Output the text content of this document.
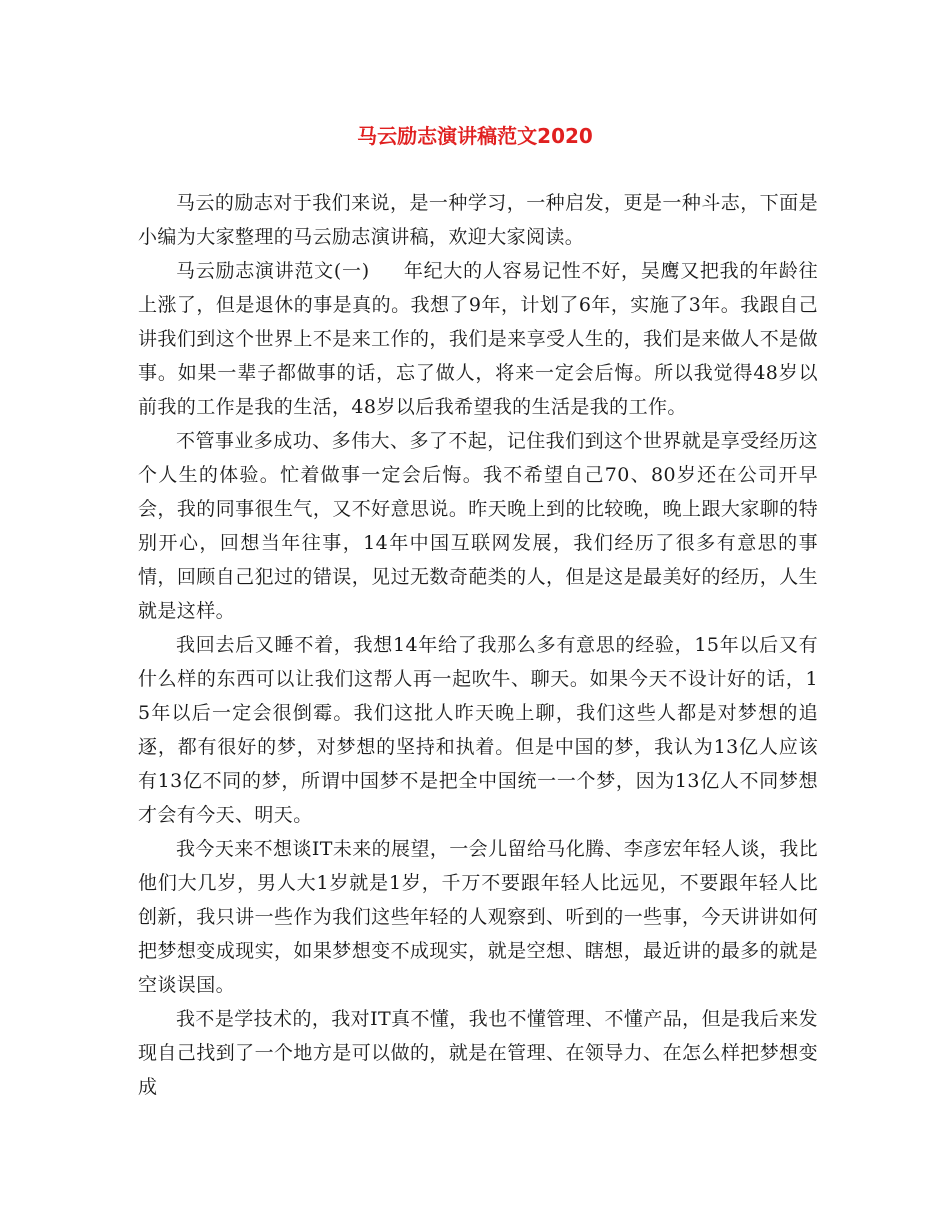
马云励志演讲稿范文2020

马云的励志对于我们来说，是一种学习，一种启发，更是一种斗志，下面是小编为大家整理的马云励志演讲稿，欢迎大家阅读。

马云励志演讲范文(一) 年纪大的人容易记性不好，吴鹰又把我的年龄往上涨了，但是退休的事是真的。我想了9年，计划了6年，实施了3年。我跟自己讲我们到这个世界上不是来工作的，我们是来享受人生的，我们是来做人不是做事。如果一辈子都做事的话，忘了做人，将来一定会后悔。所以我觉得48岁以前我的工作是我的生活，48岁以后我希望我的生活是我的工作。

不管事业多成功、多伟大、多了不起，记住我们到这个世界就是享受经历这个人生的体验。忙着做事一定会后悔。我不希望自己70、80岁还在公司开早会，我的同事很生气，又不好意思说。昨天晚上到的比较晚，晚上跟大家聊的特别开心，回想当年往事，14年中国互联网发展，我们经历了很多有意思的事情，回顾自己犯过的错误，见过无数奇葩类的人，但是这是最美好的经历，人生就是这样。

我回去后又睡不着，我想14年给了我那么多有意思的经验，15年以后又有什么样的东西可以让我们这帮人再一起吹牛、聊天。如果今天不设计好的话，15年以后一定会很倒霉。我们这批人昨天晚上聊，我们这些人都是对梦想的追逐，都有很好的梦，对梦想的坚持和执着。但是中国的梦，我认为13亿人应该有13亿不同的梦，所谓中国梦不是把全中国统一一个梦，因为13亿人不同梦想才会有今天、明天。

我今天来不想谈IT未来的展望，一会儿留给马化腾、李彦宏年轻人谈，我比他们大几岁，男人大1岁就是1岁，千万不要跟年轻人比远见，不要跟年轻人比创新，我只讲一些作为我们这些年轻的人观察到、听到的一些事，今天讲讲如何把梦想变成现实，如果梦想变不成现实，就是空想、瞎想，最近讲的最多的就是空谈误国。

我不是学技术的，我对IT真不懂，我也不懂管理、不懂产品，但是我后来发现自己找到了一个地方是可以做的，就是在管理、在领导力、在怎么样把梦想变成
